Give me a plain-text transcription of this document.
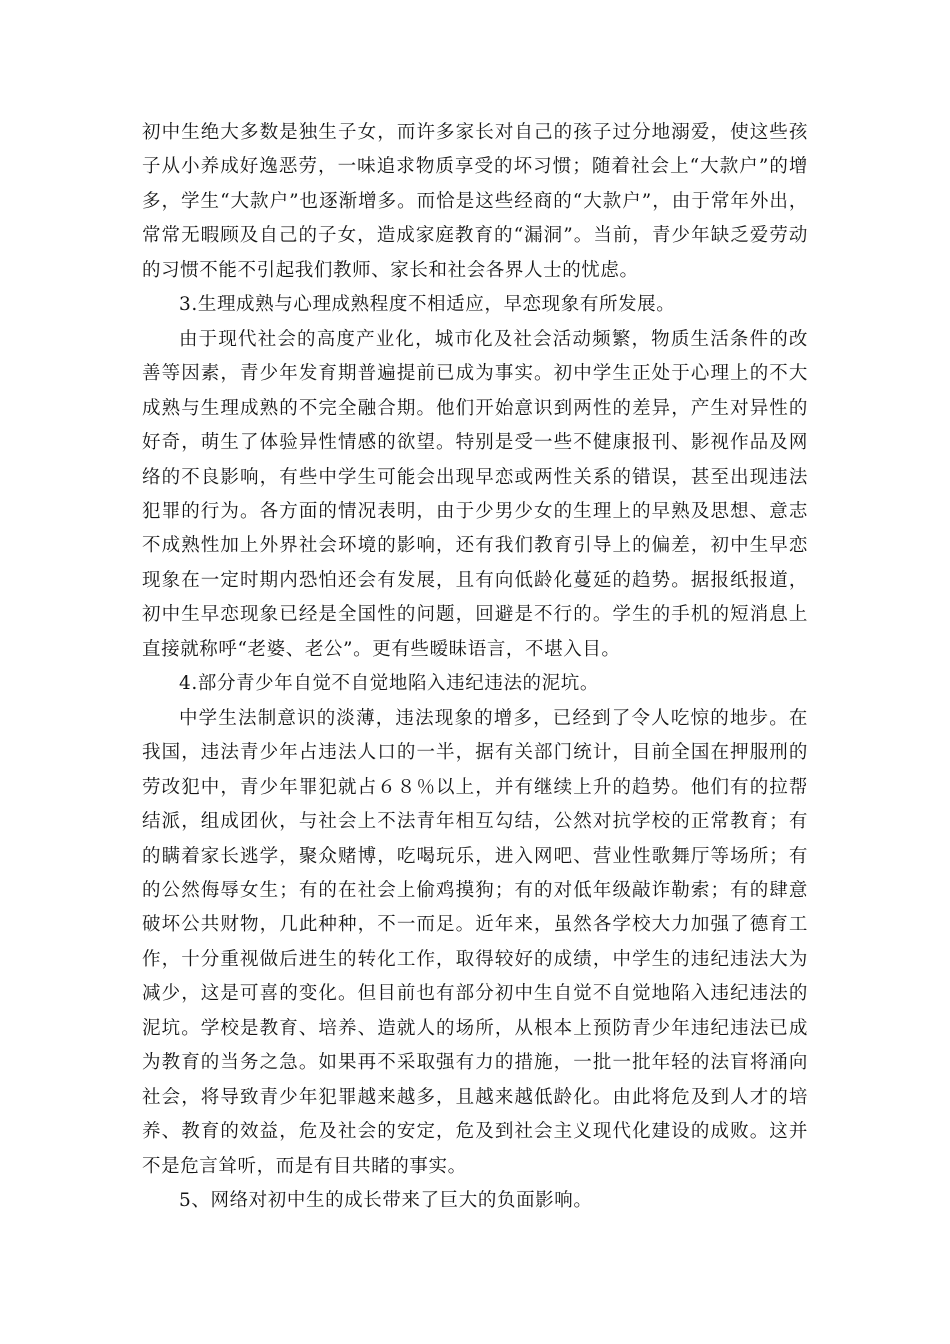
初中生绝大多数是独生子女，而许多家长对自己的孩子过分地溺爱，使这些孩子从小养成好逸恶劳，一味追求物质享受的坏习惯；随着社会上“大款户”的增多，学生“大款户”也逐渐增多。而恰是这些经商的“大款户”，由于常年外出，常常无暇顾及自己的子女，造成家庭教育的“漏洞”。当前，青少年缺乏爱劳动的习惯不能不引起我们教师、家长和社会各界人士的忧虑。

3.生理成熟与心理成熟程度不相适应，早恋现象有所发展。

由于现代社会的高度产业化，城市化及社会活动频繁，物质生活条件的改善等因素，青少年发育期普遍提前已成为事实。初中学生正处于心理上的不大成熟与生理成熟的不完全融合期。他们开始意识到两性的差异，产生对异性的好奇，萌生了体验异性情感的欲望。特别是受一些不健康报刊、影视作品及网络的不良影响，有些中学生可能会出现早恋或两性关系的错误，甚至出现违法犯罪的行为。各方面的情况表明，由于少男少女的生理上的早熟及思想、意志不成熟性加上外界社会环境的影响，还有我们教育引导上的偏差，初中生早恋现象在一定时期内恐怕还会有发展，且有向低龄化蔓延的趋势。据报纸报道，初中生早恋现象已经是全国性的问题，回避是不行的。学生的手机的短消息上直接就称呼“老婆、老公”。更有些暧昧语言，不堪入目。

4.部分青少年自觉不自觉地陷入违纪违法的泥坑。

中学生法制意识的淡薄，违法现象的增多，已经到了令人吃惊的地步。在我国，违法青少年占违法人口的一半，据有关部门统计，目前全国在押服刑的劳改犯中，青少年罪犯就占６８％以上，并有继续上升的趋势。他们有的拉帮结派，组成团伙，与社会上不法青年相互勾结，公然对抗学校的正常教育；有的瞒着家长逃学，聚众赌博，吃喝玩乐，进入网吧、营业性歌舞厅等场所；有的公然侮辱女生；有的在社会上偷鸡摸狗；有的对低年级敲诈勒索；有的肆意破坏公共财物，几此种种，不一而足。近年来，虽然各学校大力加强了德育工作，十分重视做后进生的转化工作，取得较好的成绩，中学生的违纪违法大为减少，这是可喜的变化。但目前也有部分初中生自觉不自觉地陷入违纪违法的泥坑。学校是教育、培养、造就人的场所，从根本上预防青少年违纪违法已成为教育的当务之急。如果再不采取强有力的措施，一批一批年轻的法盲将涌向社会，将导致青少年犯罪越来越多，且越来越低龄化。由此将危及到人才的培养、教育的效益，危及社会的安定，危及到社会主义现代化建设的成败。这并不是危言耸听，而是有目共睹的事实。

5、网络对初中生的成长带来了巨大的负面影响。
